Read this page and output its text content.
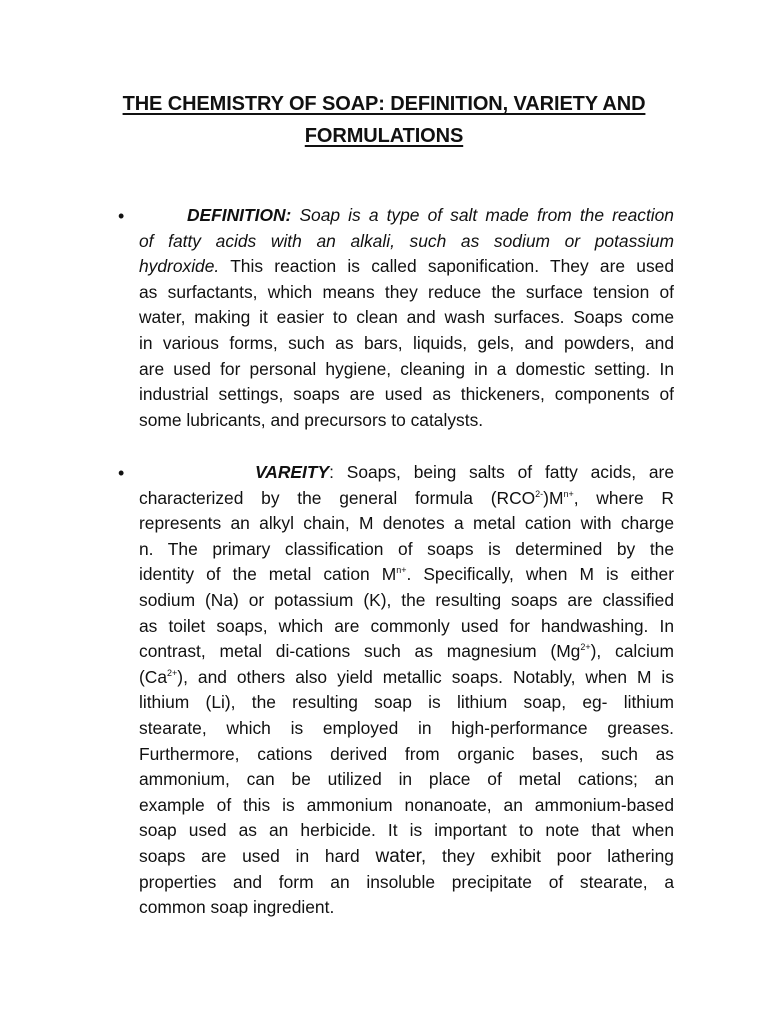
THE CHEMISTRY OF SOAP: DEFINITION, VARIETY AND
FORMULATIONS
•	DEFINITION: Soap is a type of salt made from the reaction
of fatty acids with an alkali, such as sodium or potassium
hydroxide. This reaction is called saponification. They are used
as surfactants, which means they reduce the surface tension of
water, making it easier to clean and wash surfaces. Soaps come
in various forms, such as bars, liquids, gels, and powders, and
are used for personal hygiene, cleaning in a domestic setting. In
industrial settings, soaps are used as thickeners, components of
some lubricants, and precursors to catalysts.
•	VAREITY: Soaps, being salts of fatty acids, are
characterized by the general formula $(RCO^{2-})M^{n+}$, where R
represents an alkyl chain, M denotes a metal cation with charge
n. The primary classification of soaps is determined by the
identity of the metal cation $M^{n+}$. Specifically, when M is either
sodium (Na) or potassium (K), the resulting soaps are classified
as toilet soaps, which are commonly used for handwashing. In
contrast, metal di-cations such as magnesium $(Mg^{2+})$, calcium
$(Ca^{2+})$, and others also yield metallic soaps. Notably, when M is
lithium (Li), the resulting soap is lithium soap, eg- lithium
stearate, which is employed in high-performance greases.
Furthermore, cations derived from organic bases, such as
ammonium, can be utilized in place of metal cations; an
example of this is ammonium nonanoate, an ammonium-based
soap used as an herbicide. It is important to note that when
soaps are used in hard water, they exhibit poor lathering
properties and form an insoluble precipitate of stearate, a
common soap ingredient.
